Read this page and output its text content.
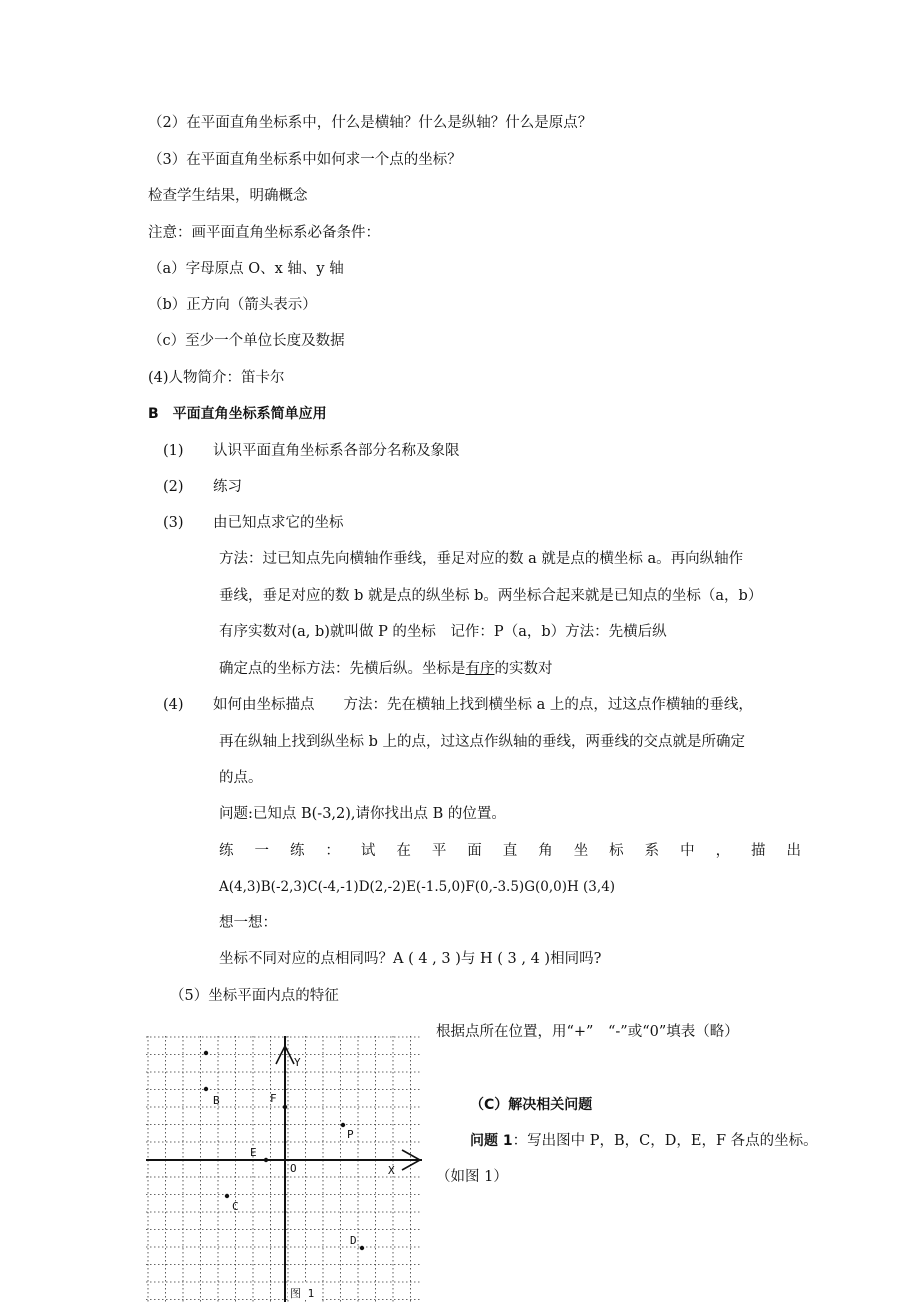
（2）在平面直角坐标系中，什么是横轴？什么是纵轴？什么是原点？
（3）在平面直角坐标系中如何求一个点的坐标？
检查学生结果，明确概念
注意：画平面直角坐标系必备条件：
（a）字母原点 O、x 轴、y 轴
（b）正方向（箭头表示）
（c）至少一个单位长度及数据
(4)人物简介：笛卡尔
B　平面直角坐标系简单应用
(1) 认识平面直角坐标系各部分名称及象限
(2) 练习
(3) 由已知点求它的坐标
方法：过已知点先向横轴作垂线，垂足对应的数 a 就是点的横坐标 a。再向纵轴作
垂线，垂足对应的数 b 就是点的纵坐标 b。两坐标合起来就是已知点的坐标（a，b）
有序实数对(a, b)就叫做 P 的坐标　记作：P（a，b）方法：先横后纵
确定点的坐标方法：先横后纵。坐标是有序的实数对
(4) 如何由坐标描点　　方法：先在横轴上找到横坐标 a 上的点，过这点作横轴的垂线，
再在纵轴上找到纵坐标 b 上的点，过这点作纵轴的垂线，两垂线的交点就是所确定
的点。
问题:已知点 B(-3,2),请你找出点 B 的位置。
练 一 练 ： 试 在 平 面 直 角 坐 标 系 中 ， 描 出
A(4,3)B(-2,3)C(-4,-1)D(2,-2)E(-1.5,0)F(0,-3.5)G(0,0)H (3,4)
想一想：
坐标不同对应的点相同吗？A ( 4 , 3 )与 H ( 3 , 4 )相同吗?
（5）坐标平面内点的特征
根据点所在位置，用“+”　“-”或“0”填表（略）
（C）解决相关问题
问题 1：写出图中 P，B，C，D，E，F 各点的坐标。
（如图 1）
Y
X
O
B	F
P
E
C
D
图 1
